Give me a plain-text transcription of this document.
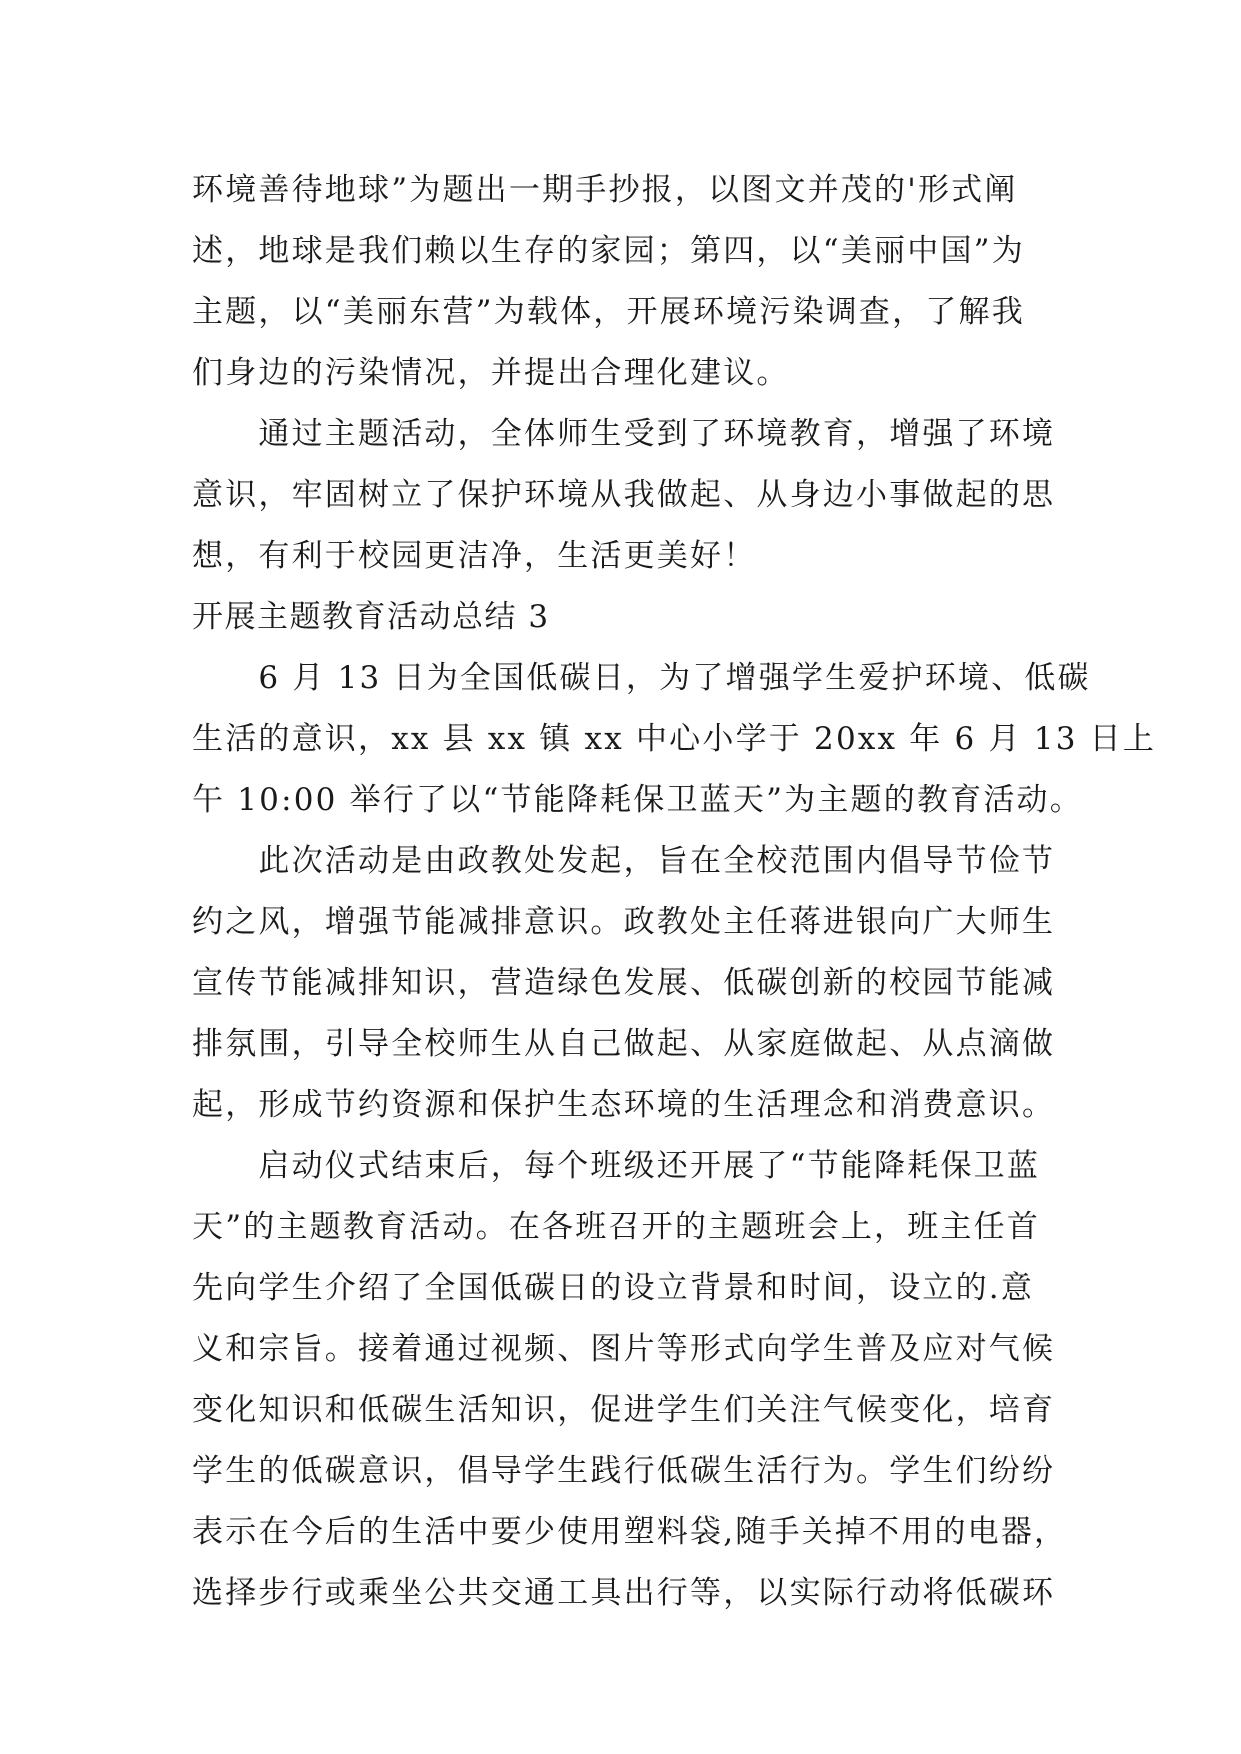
环境善待地球”为题出一期手抄报，以图文并茂的'形式阐
述，地球是我们赖以生存的家园；第四，以“美丽中国”为
主题，以“美丽东营”为载体，开展环境污染调查，了解我
们身边的污染情况，并提出合理化建议。
　　通过主题活动，全体师生受到了环境教育，增强了环境
意识，牢固树立了保护环境从我做起、从身边小事做起的思
想，有利于校园更洁净，生活更美好！
开展主题教育活动总结 3
　　6 月 13 日为全国低碳日，为了增强学生爱护环境、低碳
生活的意识，xx 县 xx 镇 xx 中心小学于 20xx 年 6 月 13 日上
午 10:00 举行了以“节能降耗保卫蓝天”为主题的教育活动。
　　此次活动是由政教处发起，旨在全校范围内倡导节俭节
约之风，增强节能减排意识。政教处主任蒋进银向广大师生
宣传节能减排知识，营造绿色发展、低碳创新的校园节能减
排氛围，引导全校师生从自己做起、从家庭做起、从点滴做
起，形成节约资源和保护生态环境的生活理念和消费意识。
　　启动仪式结束后，每个班级还开展了“节能降耗保卫蓝
天”的主题教育活动。在各班召开的主题班会上，班主任首
先向学生介绍了全国低碳日的设立背景和时间，设立的.意
义和宗旨。接着通过视频、图片等形式向学生普及应对气候
变化知识和低碳生活知识，促进学生们关注气候变化，培育
学生的低碳意识，倡导学生践行低碳生活行为。学生们纷纷
表示在今后的生活中要少使用塑料袋,随手关掉不用的电器，
选择步行或乘坐公共交通工具出行等，以实际行动将低碳环
